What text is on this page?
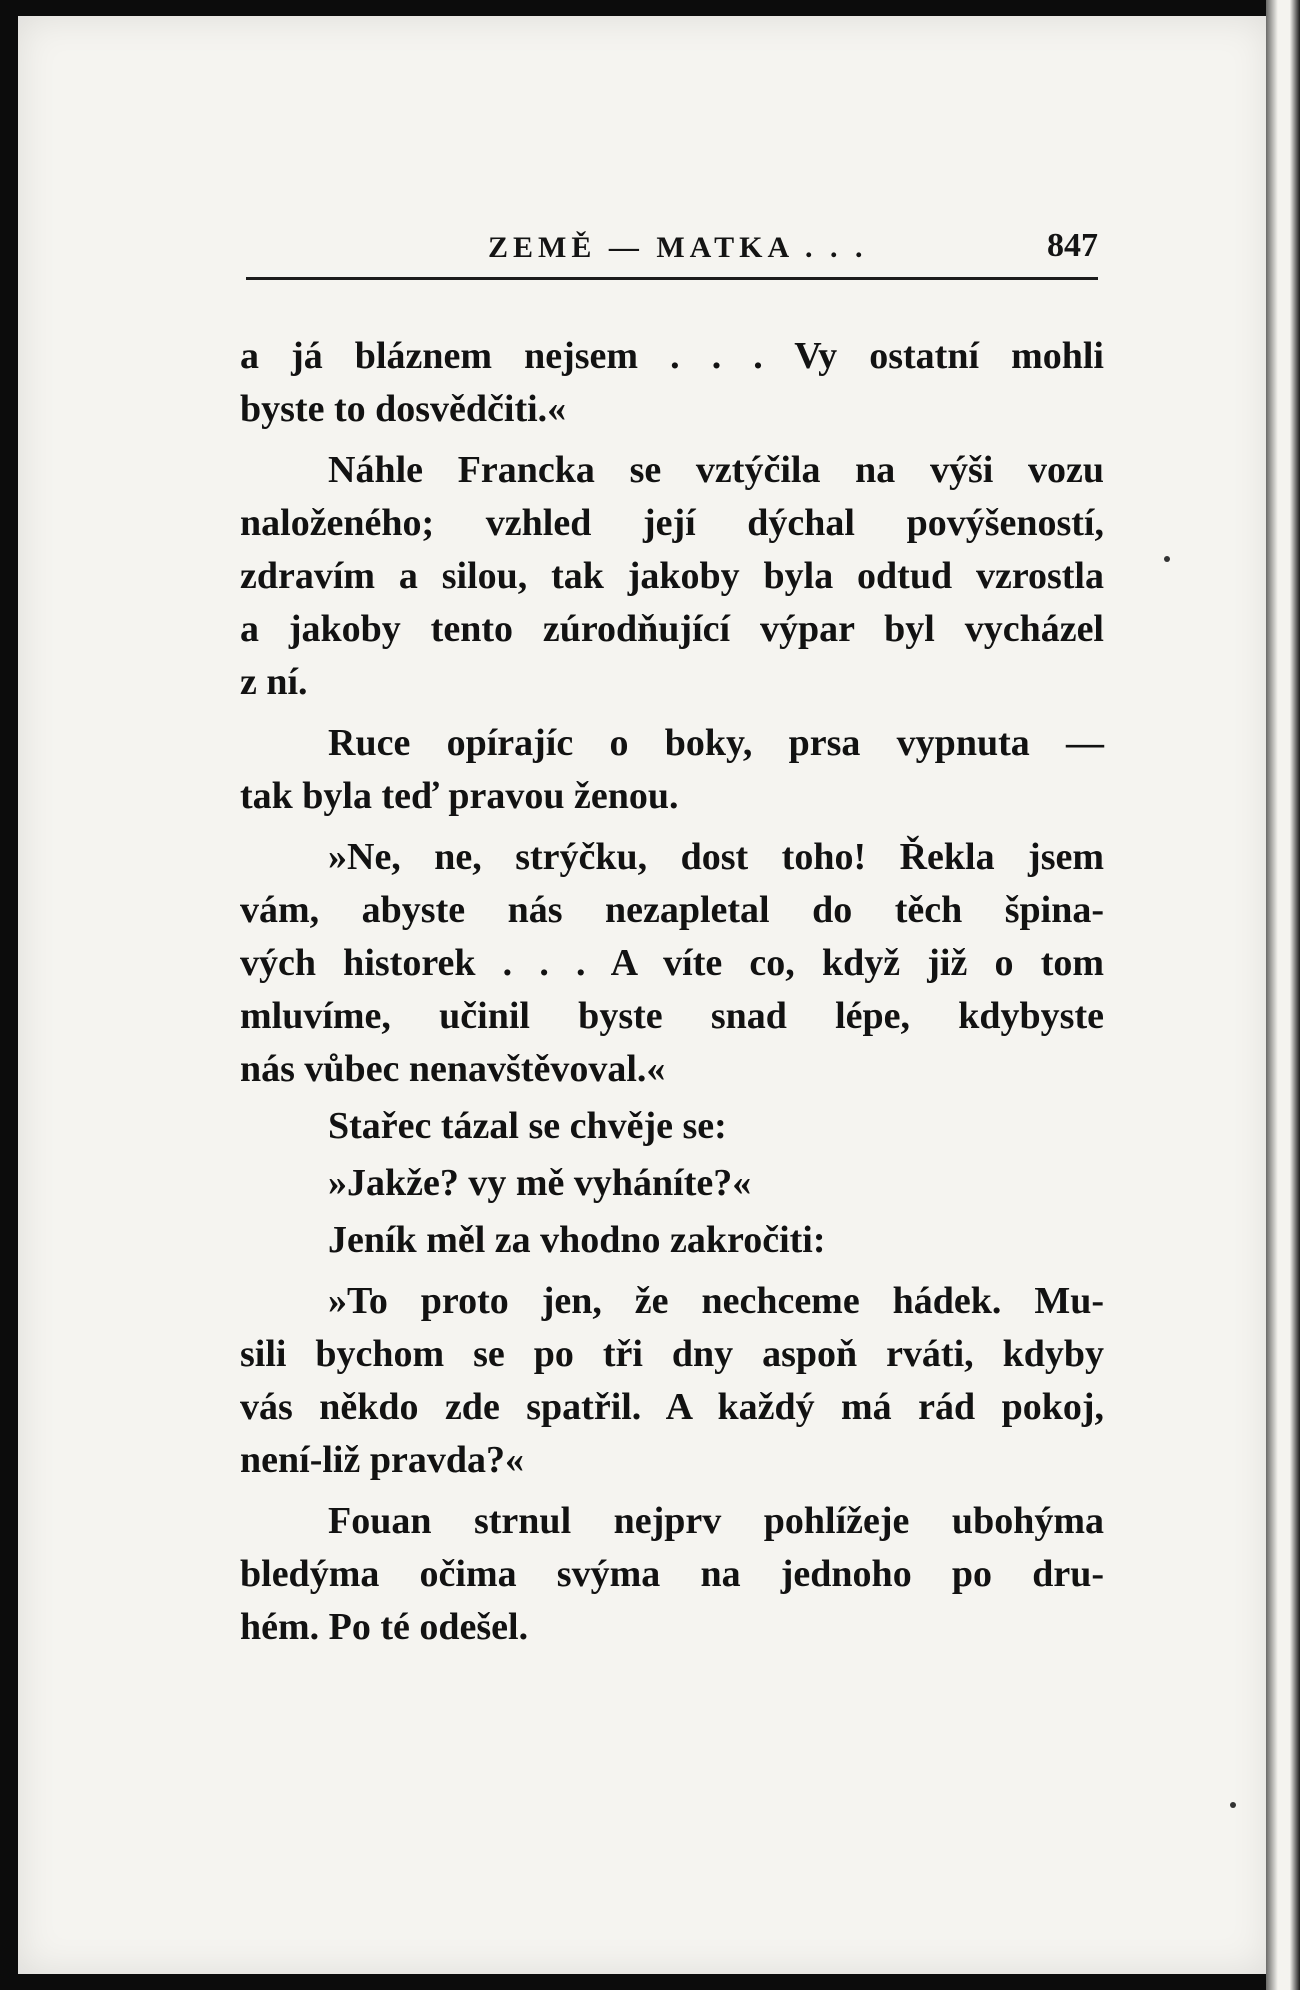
ZEMĚ — MATKA . . .	847
a já bláznem nejsem . . . Vy ostatní mohli
byste to dosvědčiti.«
Náhle Francka se vztýčila na výši vozu
naloženého; vzhled její dýchal povýšeností,
zdravím a silou, tak jakoby byla odtud vzrostla
a jakoby tento zúrodňující výpar byl vycházel
z ní.
Ruce opírajíc o boky, prsa vypnuta —
tak byla teď pravou ženou.
»Ne, ne, strýčku, dost toho! Řekla jsem
vám, abyste nás nezapletal do těch špina-
vých historek . . . A víte co, když již o tom
mluvíme, učinil byste snad lépe, kdybyste
nás vůbec nenavštěvoval.«
Stařec tázal se chvěje se:
»Jakže? vy mě vyháníte?«
Jeník měl za vhodno zakročiti:
»To proto jen, že nechceme hádek. Mu-
sili bychom se po tři dny aspoň rváti, kdyby
vás někdo zde spatřil. A každý má rád pokoj,
není-liž pravda?«
Fouan strnul nejprv pohlížeje ubohýma
bledýma očima svýma na jednoho po dru-
hém. Po té odešel.
